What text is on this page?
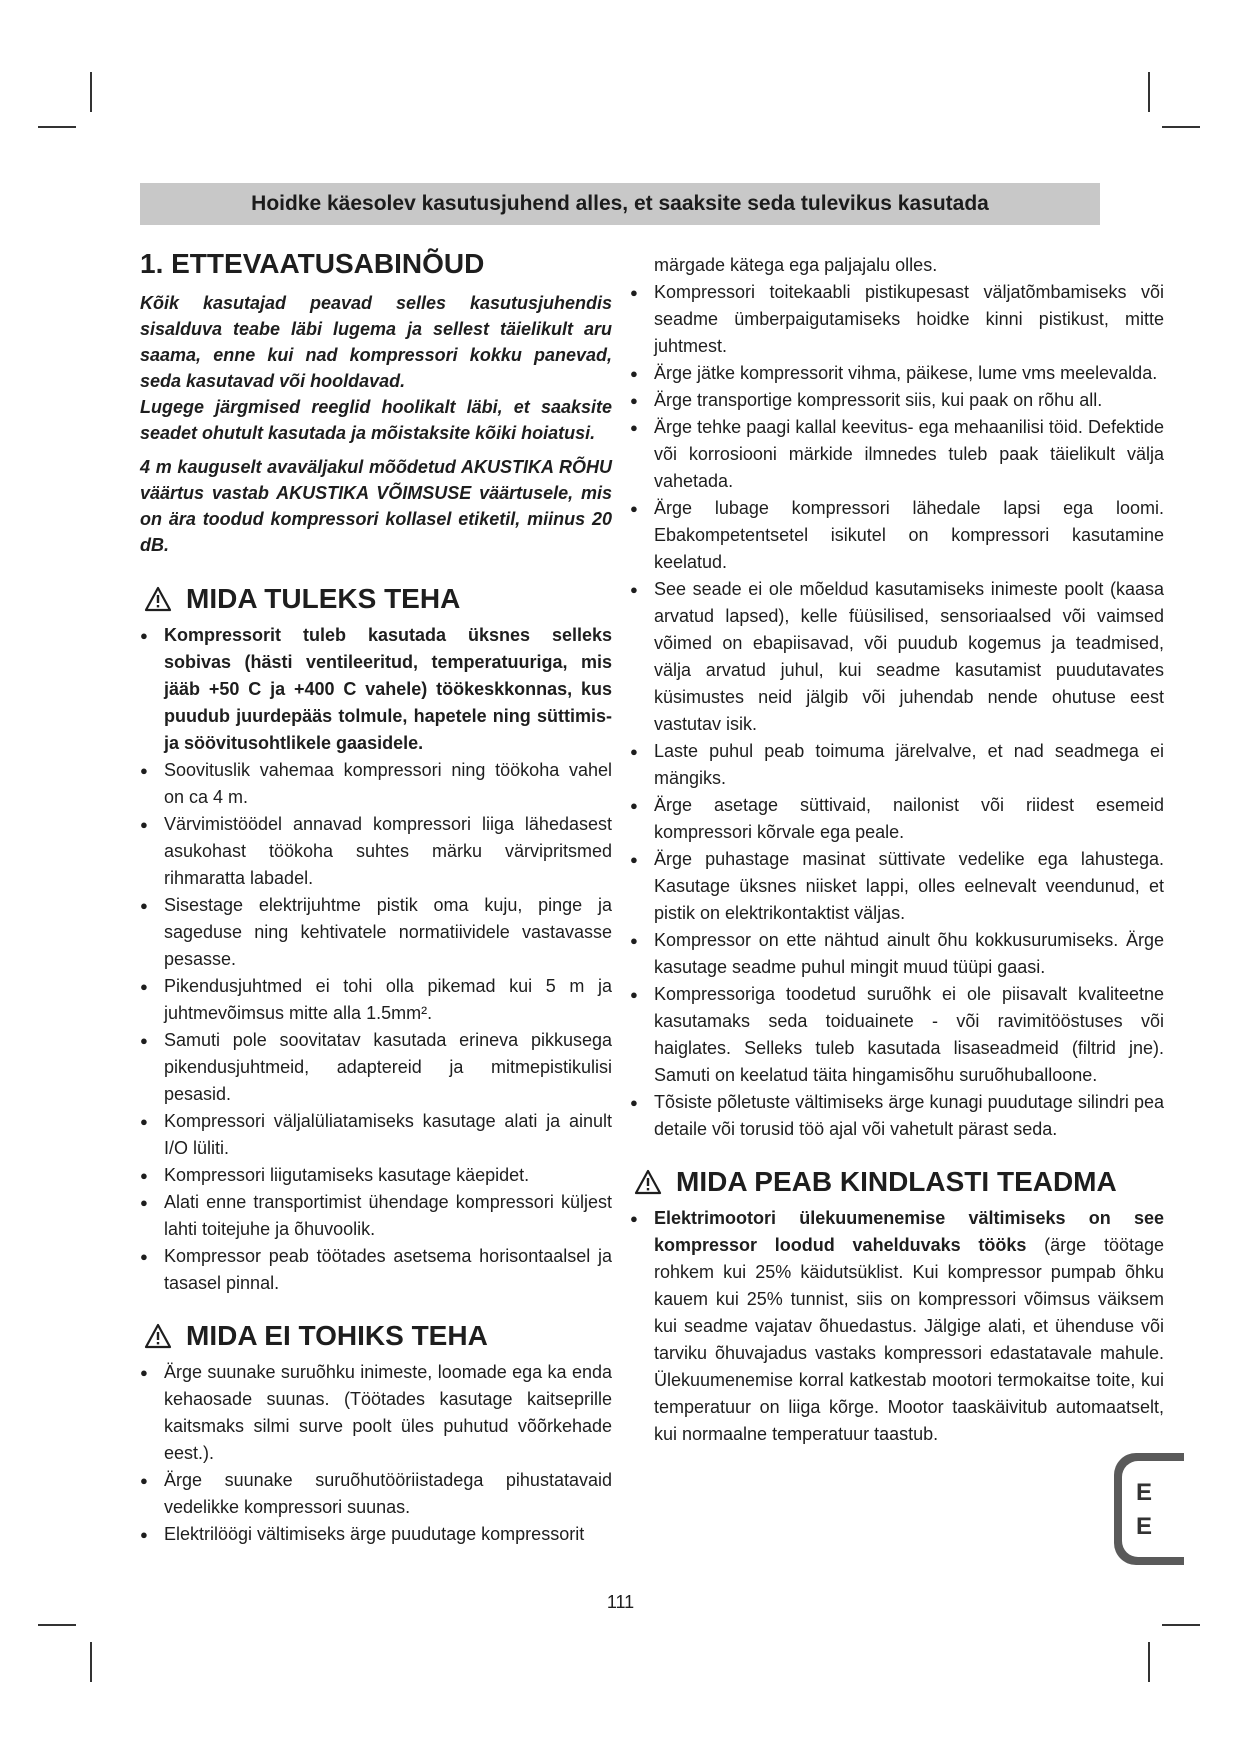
Hoidke käesolev kasutusjuhend alles, et saaksite seda tulevikus kasutada
1. ETTEVAATUSABINÕUD

Kõik kasutajad peavad selles kasutusjuhendis sisalduva teabe läbi lugema ja sellest täielikult aru saama, enne kui nad kompressori kokku panevad, seda kasutavad või hooldavad.

Lugege järgmised reeglid hoolikalt läbi, et saaksite seadet ohutult kasutada ja mõistaksite kõiki hoiatusi.

4 m kauguselt avaväljakul mõõdetud AKUSTIKA RÕHU väärtus vastab AKUSTIKA VÕIMSUSE väärtusele, mis on ära toodud kompressori kollasel etiketil, miinus 20 dB.

MIDA TULEKS TEHA
● Kompressorit tuleb kasutada üksnes selleks sobivas (hästi ventileeritud, temperatuuriga, mis jääb +50 C ja +400 C vahele) töökeskkonnas, kus puudub juurdepääs tolmule, hapetele ning süttimis- ja söövitusohtlikele gaasidele.
● Soovituslik vahemaa kompressori ning töökoha vahel on ca 4 m.
● Värvimistöödel annavad kompressori liiga lähedasest asukohast töökoha suhtes märku värvipritsmed rihmaratta labadel.
● Sisestage elektrijuhtme pistik oma kuju, pinge ja sageduse ning kehtivatele normatiividele vastavasse pesasse.
● Pikendusjuhtmed ei tohi olla pikemad kui 5 m ja juhtmevõimsus mitte alla 1.5mm².
● Samuti pole soovitatav kasutada erineva pikkusega pikendusjuhtmeid, adaptereid ja mitmepistikulisi pesasid.
● Kompressori väljalüliatamiseks kasutage alati ja ainult I/O lüliti.
● Kompressori liigutamiseks kasutage käepidet.
● Alati enne transportimist ühendage kompressori küljest lahti toitejuhe ja õhuvoolik.
● Kompressor peab töötades asetsema horisontaalsel ja tasasel pinnal.
MIDA EI TOHIKS TEHA
● Ärge suunake suruõhku inimeste, loomade ega ka enda kehaosade suunas. (Töötades kasutage kaitseprille kaitsmaks silmi surve poolt üles puhutud võõrkehade eest.).
● Ärge suunake suruõhutööriistadega pihustatavaid vedelikke kompressori suunas.
● Elektrilöögi vältimiseks ärge puudutage kompressorit
märgade kätega ega paljajalu olles.
● Kompressori toitekaabli pistikupesast väljatõmbamiseks või seadme ümberpaigutamiseks hoidke kinni pistikust, mitte juhtmest.
● Ärge jätke kompressorit vihma, päikese, lume vms meelevalda.
● Ärge transportige kompressorit siis, kui paak on rõhu all.
● Ärge tehke paagi kallal keevitus- ega mehaanilisi töid. Defektide või korrosiooni märkide ilmnedes tuleb paak täielikult välja vahetada.
● Ärge lubage kompressori lähedale lapsi ega loomi. Ebakompetentsetel isikutel on kompressori kasutamine keelatud.
● See seade ei ole mõeldud kasutamiseks inimeste poolt (kaasa arvatud lapsed), kelle füüsilised, sensoriaalsed või vaimsed võimed on ebapiisavad, või puudub kogemus ja teadmised, välja arvatud juhul, kui seadme kasutamist puudutavates küsimustes neid jälgib või juhendab nende ohutuse eest vastutav isik.
● Laste puhul peab toimuma järelvalve, et nad seadmega ei mängiks.
● Ärge asetage süttivaid, nailonist või riidest esemeid kompressori kõrvale ega peale.
● Ärge puhastage masinat süttivate vedelike ega lahustega. Kasutage üksnes niisket lappi, olles eelnevalt veendunud, et pistik on elektrikontaktist väljas.
● Kompressor on ette nähtud ainult õhu kokkusurumiseks. Ärge kasutage seadme puhul mingit muud tüüpi gaasi.
● Kompressoriga toodetud suruõhk ei ole piisavalt kvaliteetne kasutamaks seda toiduainete - või ravimitööstuses või haiglates. Selleks tuleb kasutada lisaseadmeid (filtrid jne). Samuti on keelatud täita hingamisõhu suruõhuballoone.
● Tõsiste põletuste vältimiseks ärge kunagi puudutage silindri pea detaile või torusid töö ajal või vahetult pärast seda.
MIDA PEAB KINDLASTI TEADMA
● Elektrimootori ülekuumenemise vältimiseks on see kompressor loodud vahelduvaks tööks (ärge töötage rohkem kui 25% käidutsüklist. Kui kompressor pumpab õhku kauem kui 25% tunnist, siis on kompressori võimsus väiksem kui seadme vajatav õhuedastus. Jälgige alati, et ühenduse või tarviku õhuvajadus vastaks kompressori edastatavale mahule. Ülekuumenemise korral katkestab mootori termokaitse toite, kui temperatuur on liiga kõrge. Mootor taaskäivitub automaatselt, kui normaalne temperatuur taastub.
111
E
E
